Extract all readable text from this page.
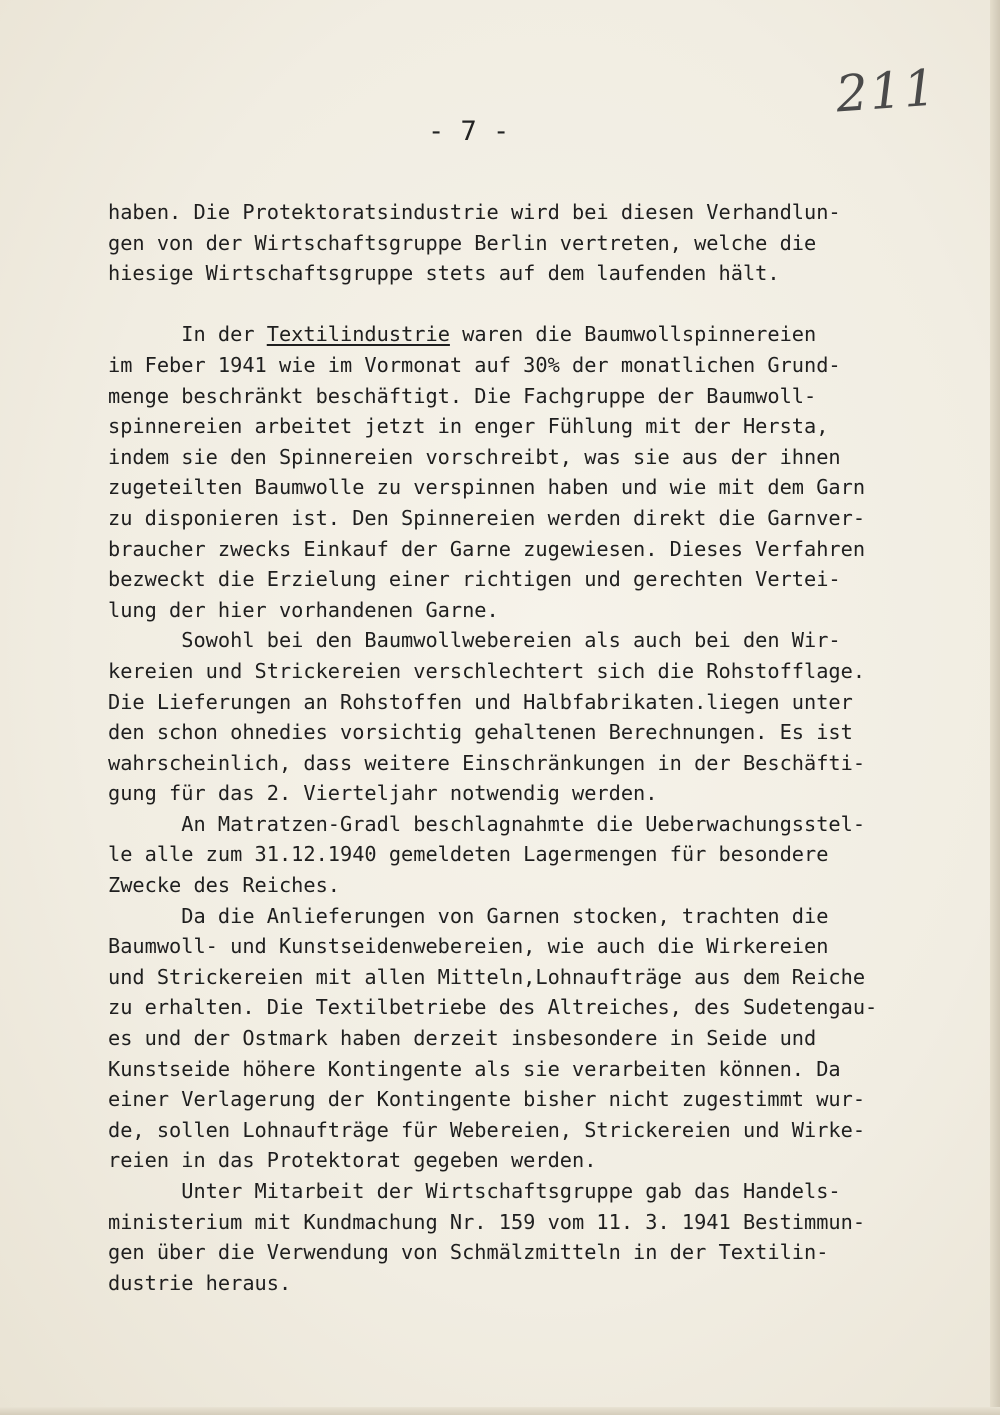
211
- 7 -
haben. Die Protektoratsindustrie wird bei diesen Verhandlun-
gen von der Wirtschaftsgruppe Berlin vertreten, welche die
hiesige Wirtschaftsgruppe stets auf dem laufenden hält.
In der Textilindustrie waren die Baumwollspinnereien
im Feber 1941 wie im Vormonat auf 30% der monatlichen Grund-
menge beschränkt beschäftigt. Die Fachgruppe der Baumwoll-
spinnereien arbeitet jetzt in enger Fühlung mit der Hersta,
indem sie den Spinnereien vorschreibt, was sie aus der ihnen
zugeteilten Baumwolle zu verspinnen haben und wie mit dem Garn
zu disponieren ist. Den Spinnereien werden direkt die Garnver-
braucher zwecks Einkauf der Garne zugewiesen. Dieses Verfahren
bezweckt die Erzielung einer richtigen und gerechten Vertei-
lung der hier vorhandenen Garne.
Sowohl bei den Baumwollwebereien als auch bei den Wir-
kereien und Strickereien verschlechtert sich die Rohstofflage.
Die Lieferungen an Rohstoffen und Halbfabrikaten.liegen unter
den schon ohnedies vorsichtig gehaltenen Berechnungen. Es ist
wahrscheinlich, dass weitere Einschränkungen in der Beschäfti-
gung für das 2. Vierteljahr notwendig werden.
An Matratzen-Gradl beschlagnahmte die Ueberwachungsstel-
le alle zum 31.12.1940 gemeldeten Lagermengen für besondere
Zwecke des Reiches.
Da die Anlieferungen von Garnen stocken, trachten die
Baumwoll- und Kunstseidenwebereien, wie auch die Wirkereien
und Strickereien mit allen Mitteln,Lohnaufträge aus dem Reiche
zu erhalten. Die Textilbetriebe des Altreiches, des Sudetengau-
es und der Ostmark haben derzeit insbesondere in Seide und
Kunstseide höhere Kontingente als sie verarbeiten können. Da
einer Verlagerung der Kontingente bisher nicht zugestimmt wur-
de, sollen Lohnaufträge für Webereien, Strickereien und Wirke-
reien in das Protektorat gegeben werden.
Unter Mitarbeit der Wirtschaftsgruppe gab das Handels-
ministerium mit Kundmachung Nr. 159 vom 11. 3. 1941 Bestimmun-
gen über die Verwendung von Schmälzmitteln in der Textilin-
dustrie heraus.
